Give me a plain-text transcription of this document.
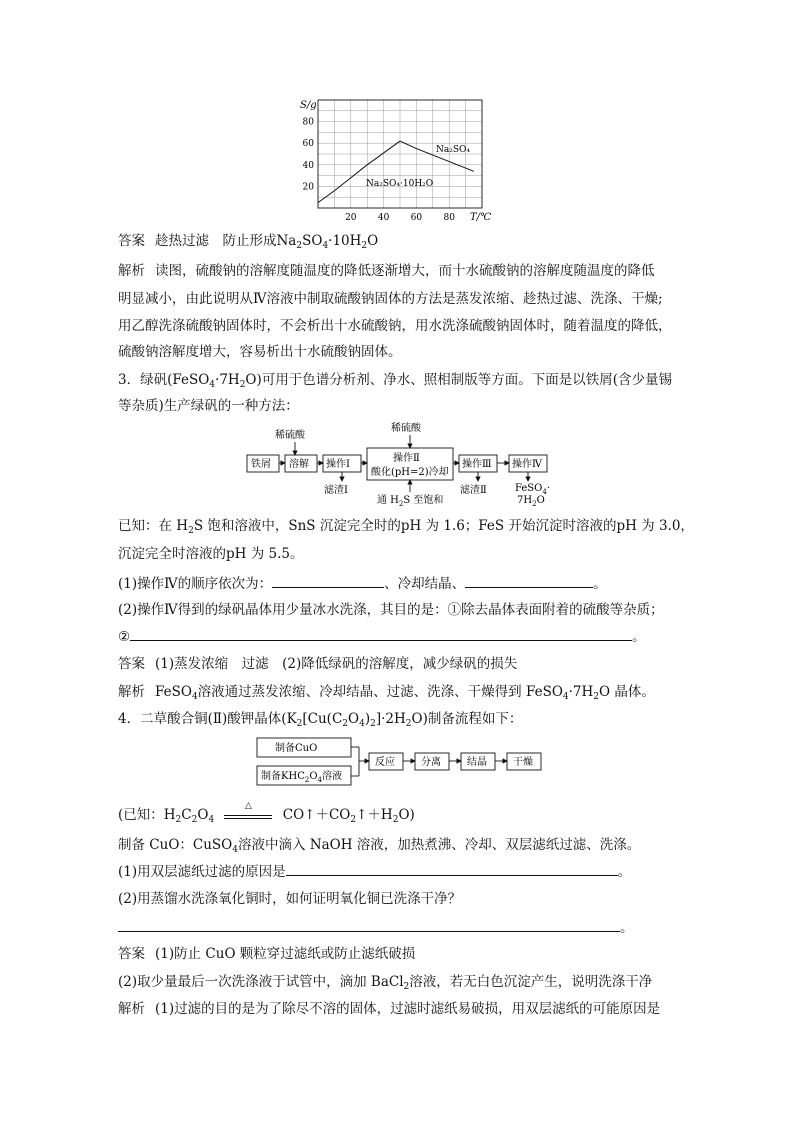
20
40
60
80
20 40 60 80
S/g
T/℃
Na₂SO₄
Na₂SO₄·10H₂O
答案 趁热过滤　防止形成$Na_2SO_4\cdot 10H_2O$
解析 读图，硫酸钠的溶解度随温度的降低逐渐增大，而十水硫酸钠的溶解度随温度的降低
明显减小，由此说明从Ⅳ溶液中制取硫酸钠固体的方法是蒸发浓缩、趁热过滤、洗涤、干燥;
用乙醇洗涤硫酸钠固体时，不会析出十水硫酸钠，用水洗涤硫酸钠固体时，随着温度的降低，
硫酸钠溶解度增大，容易析出十水硫酸钠固体。
3．绿矾$(FeSO_4\cdot 7H_2O)$可用于色谱分析剂、净水、照相制版等方面。下面是以铁屑(含少量锡
等杂质)生产绿矾的一种方法：
稀硫酸
铁屑 溶解 操作Ⅰ
滤渣Ⅰ
稀硫酸
操作Ⅱ
酸化(pH=2)冷却
通 $H_2S$ 至饱和
操作Ⅲ
滤渣Ⅱ
操作Ⅳ
FeSO$_4$·
$7H_2O$
已知：在 $H_2S$ 饱和溶液中，SnS 沉淀完全时的pH 为 1.6；FeS 开始沉淀时溶液的pH 为 3.0，
沉淀完全时溶液的pH 为 5.5。
(1)操作Ⅳ的顺序依次为：	、冷却结晶、	。
(2)操作Ⅳ得到的绿矾晶体用少量冰水洗涤，其目的是：①除去晶体表面附着的硫酸等杂质；
②	。
答案 (1)蒸发浓缩　过滤　(2)降低绿矾的溶解度，减少绿矾的损失
解析 FeSO$_4$溶液通过蒸发浓缩、冷却结晶、过滤、洗涤、干燥得到 $FeSO_4\cdot 7H_2O$ 晶体。
4．二草酸合铜(Ⅱ)酸钾晶体$(K_2[Cu(C_2O_4)_2]\cdot 2H_2O)$制备流程如下：
制备CuO
制备$KHC_2O_4$溶液
反应	分离	结晶	干燥
(已知：$H_2C_2O_4$
△
$CO↑+CO_2↑+H_2O$)
制备 CuO：CuSO$_4$溶液中滴入 NaOH 溶液，加热煮沸、冷却、双层滤纸过滤、洗涤。
(1)用双层滤纸过滤的原因是	。
(2)用蒸馏水洗涤氧化铜时，如何证明氧化铜已洗涤干净？
。
答案 (1)防止 CuO 颗粒穿过滤纸或防止滤纸破损
(2)取少量最后一次洗涤液于试管中，滴加 BaCl$_2$溶液，若无白色沉淀产生，说明洗涤干净
解析 (1)过滤的目的是为了除尽不溶的固体，过滤时滤纸易破损，用双层滤纸的可能原因是
